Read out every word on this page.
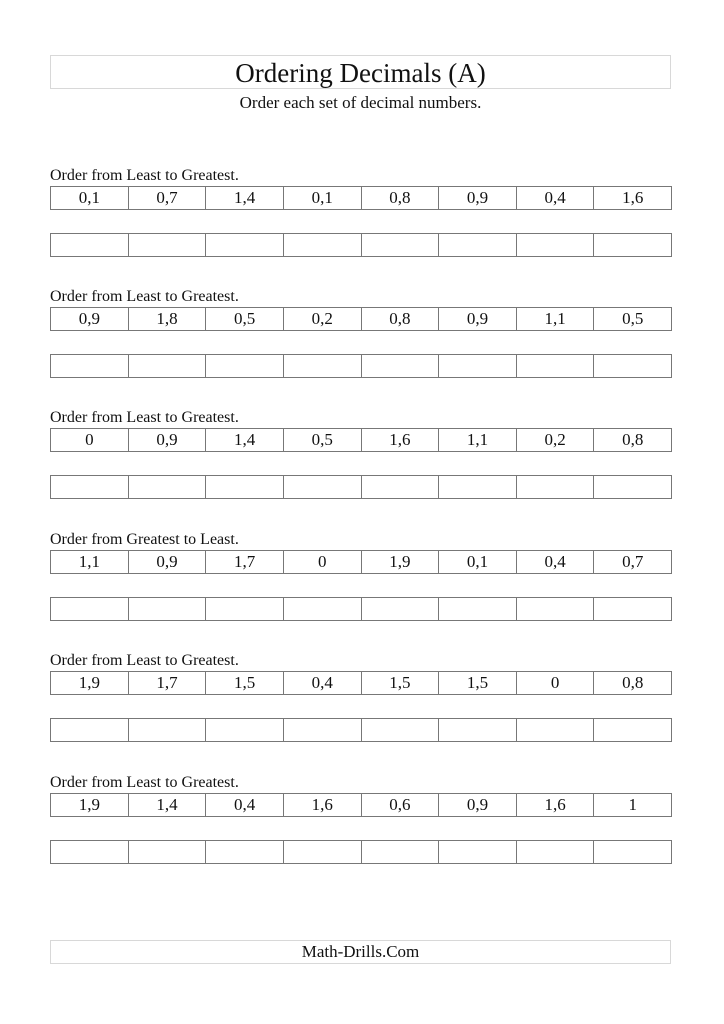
Ordering Decimals (A)
Order each set of decimal numbers.
Order from Least to Greatest.
0,1	0,7	1,4	0,1	0,8	0,9	0,4	1,6
Order from Least to Greatest.
0,9	1,8	0,5	0,2	0,8	0,9	1,1	0,5
Order from Least to Greatest.
0	0,9	1,4	0,5	1,6	1,1	0,2	0,8
Order from Greatest to Least.
1,1	0,9	1,7	0	1,9	0,1	0,4	0,7
Order from Least to Greatest.
1,9	1,7	1,5	0,4	1,5	1,5	0	0,8
Order from Least to Greatest.
1,9	1,4	0,4	1,6	0,6	0,9	1,6	1
Math-Drills.Com
